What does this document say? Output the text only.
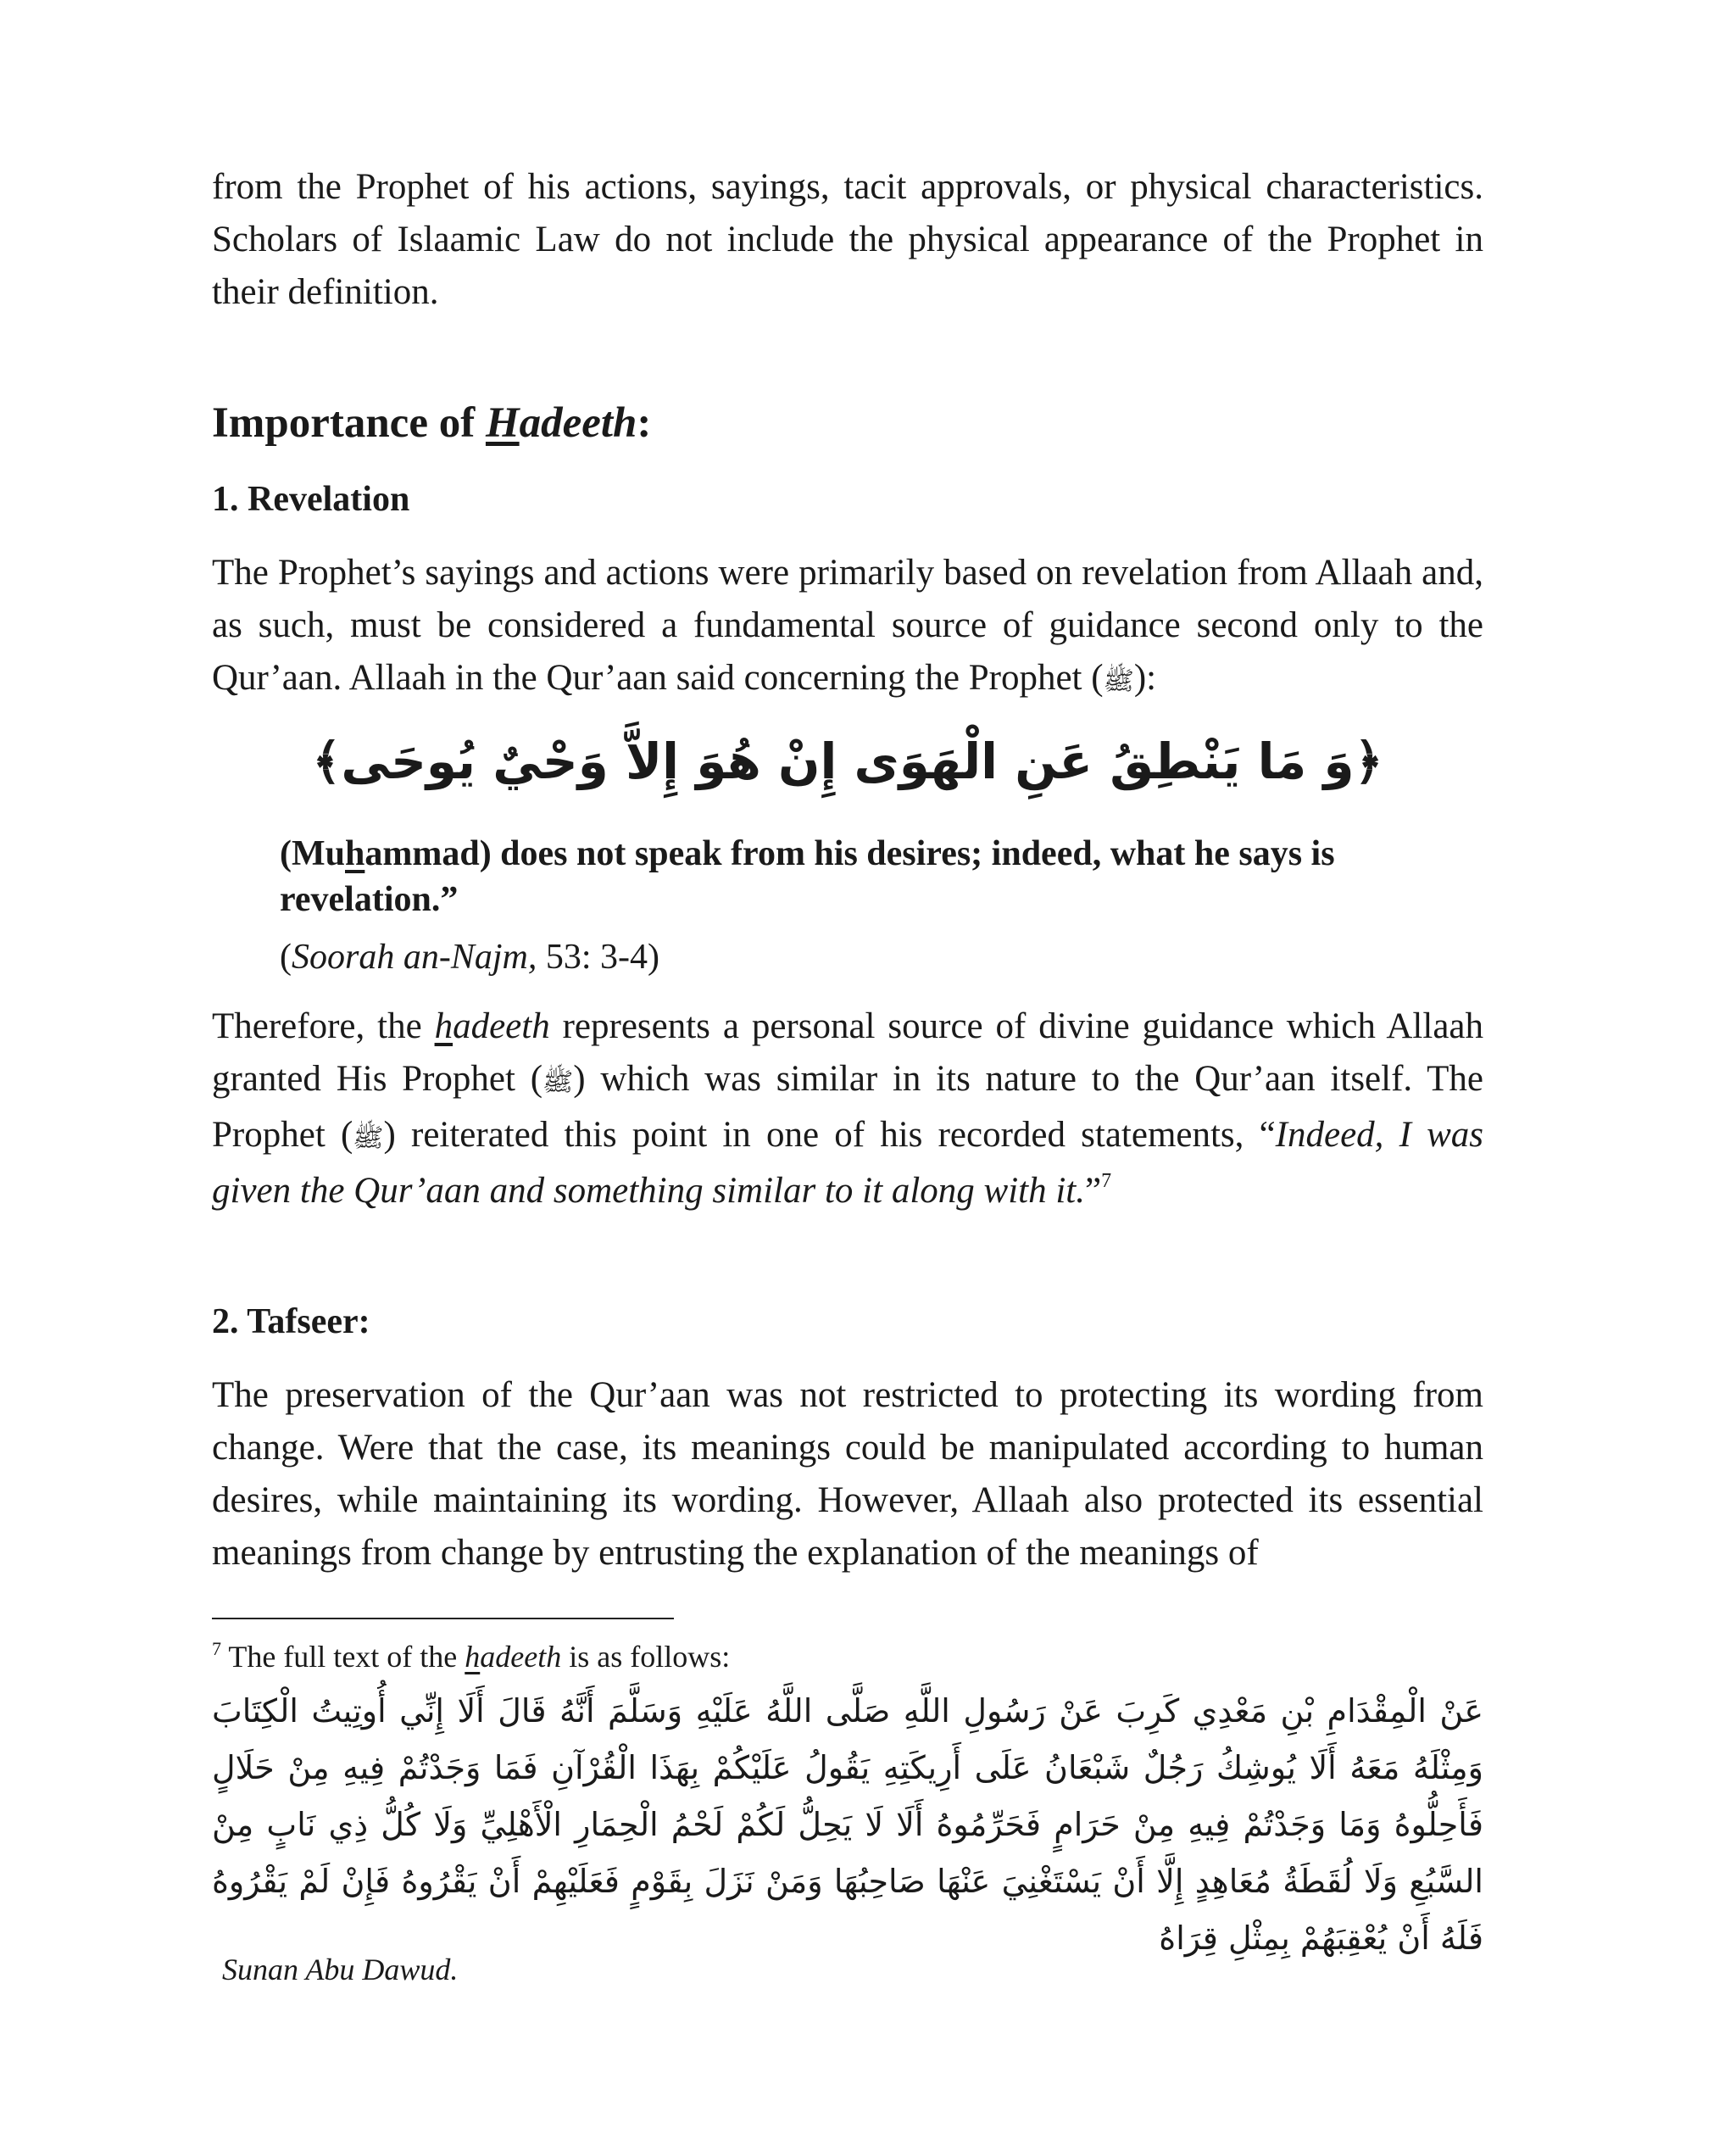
from the Prophet of his actions, sayings, tacit approvals, or physical characteristics. Scholars of Islaamic Law do not include the physical appearance of the Prophet in their definition.

Importance of Hadeeth:
1. Revelation

The Prophet’s sayings and actions were primarily based on revelation from Allaah and, as such, must be considered a fundamental source of guidance second only to the Qur’aan. Allaah in the Qur’aan said concerning the Prophet (ﷺ):

﴿وَ مَا يَنْطِقُ عَنِ الْهَوَى إِنْ هُوَ إِلاَّ وَحْيٌ يُوحَى﴾

(Muhammad) does not speak from his desires; indeed, what he says is revelation.”

(Soorah an-Najm, 53: 3-4)

Therefore, the hadeeth represents a personal source of divine guidance which Allaah granted His Prophet (ﷺ) which was similar in its nature to the Qur’aan itself. The Prophet (ﷺ) reiterated this point in one of his recorded statements, “Indeed, I was given the Qur’aan and something similar to it along with it.”$^7$

2. Tafseer:

The preservation of the Qur’aan was not restricted to protecting its wording from change. Were that the case, its meanings could be manipulated according to human desires, while maintaining its wording. However, Allaah also protected its essential meanings from change by entrusting the explanation of the meanings of

$^7$ The full text of the hadeeth is as follows:
عَنْ الْمِقْدَامِ بْنِ مَعْدِي كَرِبَ عَنْ رَسُولِ اللَّهِ صَلَّى اللَّهُ عَلَيْهِ وَسَلَّمَ أَنَّهُ قَالَ أَلَا إِنِّي أُوتِيتُ الْكِتَابَ وَمِثْلَهُ مَعَهُ أَلَا يُوشِكُ رَجُلٌ شَبْعَانُ عَلَى أَرِيكَتِهِ يَقُولُ عَلَيْكُمْ بِهَذَا الْقُرْآنِ فَمَا وَجَدْتُمْ فِيهِ مِنْ حَلَالٍ فَأَحِلُّوهُ وَمَا وَجَدْتُمْ فِيهِ مِنْ حَرَامٍ فَحَرِّمُوهُ أَلَا لَا يَحِلُّ لَكُمْ لَحْمُ الْحِمَارِ الْأَهْلِيِّ وَلَا كُلُّ ذِي نَابٍ مِنْ السَّبُعِ وَلَا لُقَطَةُ مُعَاهِدٍ إِلَّا أَنْ يَسْتَغْنِيَ عَنْهَا صَاحِبُهَا وَمَنْ نَزَلَ بِقَوْمٍ فَعَلَيْهِمْ أَنْ يَقْرُوهُ فَإِنْ لَمْ يَقْرُوهُ فَلَهُ أَنْ يُعْقِبَهُمْ بِمِثْلِ قِرَاهُ
Sunan Abu Dawud.
